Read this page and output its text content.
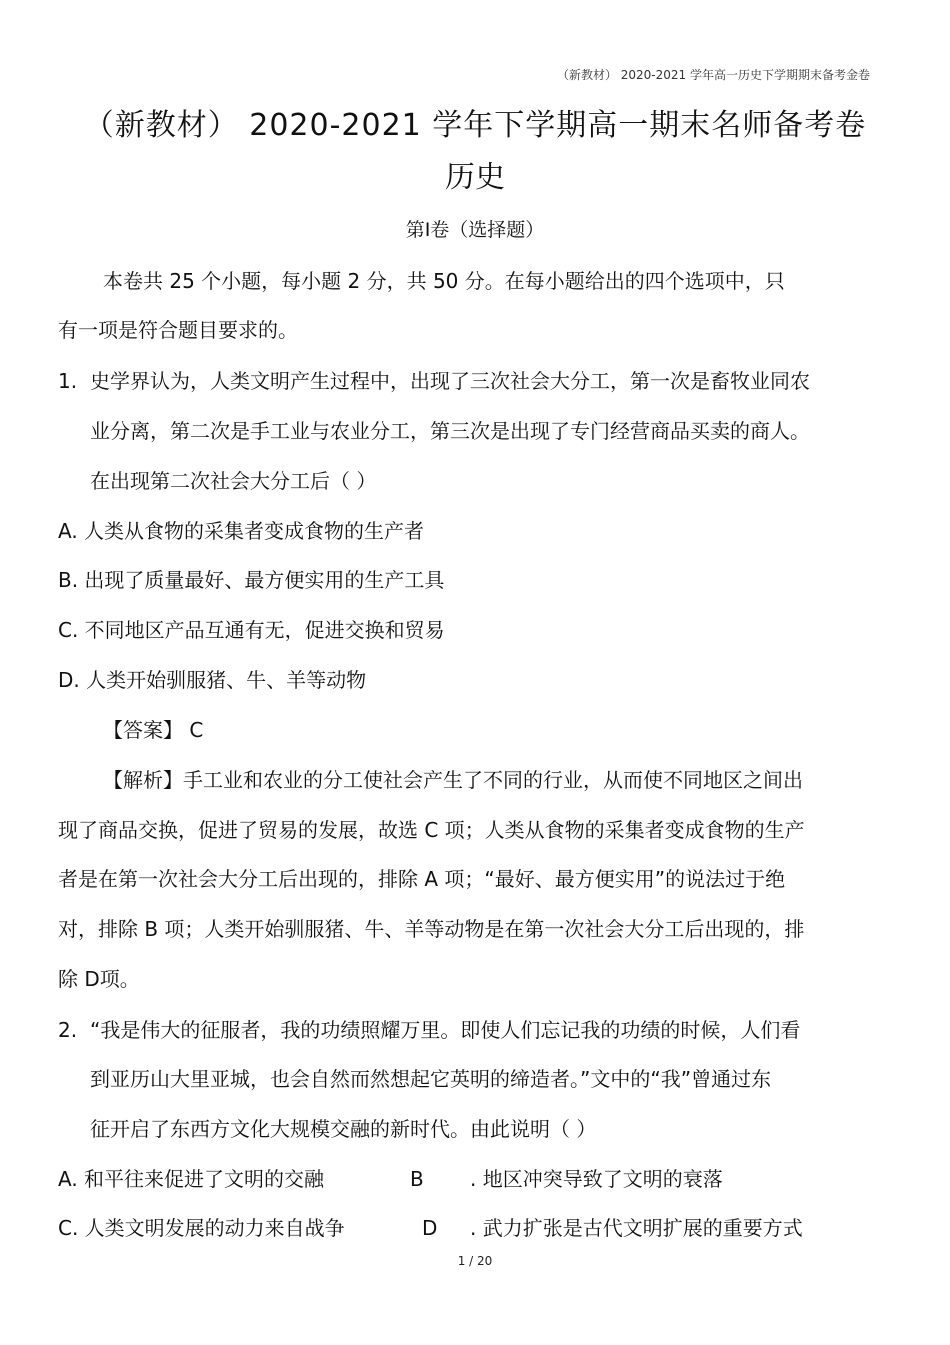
（新教材） 2020-2021 学年高一历史下学期期末备考金卷
（新教材） 2020-2021 学年下学期高一期末名师备考卷
历史
第Ⅰ卷（选择题）
本卷共 25 个小题，每小题 2 分，共 50 分。在每小题给出的四个选项中，只
有一项是符合题目要求的。
1. 史学界认为，人类文明产生过程中，出现了三次社会大分工，第一次是畜牧业同农
业分离，第二次是手工业与农业分工，第三次是出现了专门经营商品买卖的商人。
在出现第二次社会大分工后（ ）
A. 人类从食物的采集者变成食物的生产者
B. 出现了质量最好、最方便实用的生产工具
C. 不同地区产品互通有无，促进交换和贸易
D. 人类开始驯服猪、牛、羊等动物
【答案】 C
【解析】手工业和农业的分工使社会产生了不同的行业，从而使不同地区之间出
现了商品交换，促进了贸易的发展，故选 C 项；人类从食物的采集者变成食物的生产
者是在第一次社会大分工后出现的，排除 A 项；“最好、最方便实用”的说法过于绝
对，排除 B 项；人类开始驯服猪、牛、羊等动物是在第一次社会大分工后出现的，排
除 D项。
2. “我是伟大的征服者，我的功绩照耀万里。即使人们忘记我的功绩的时候，人们看
到亚历山大里亚城，也会自然而然想起它英明的缔造者。”文中的“我”曾通过东
征开启了东西方文化大规模交融的新时代。由此说明（ ）
A. 和平往来促进了文明的交融	B . 地区冲突导致了文明的衰落
C. 人类文明发展的动力来自战争	D . 武力扩张是古代文明扩展的重要方式
1 / 20
